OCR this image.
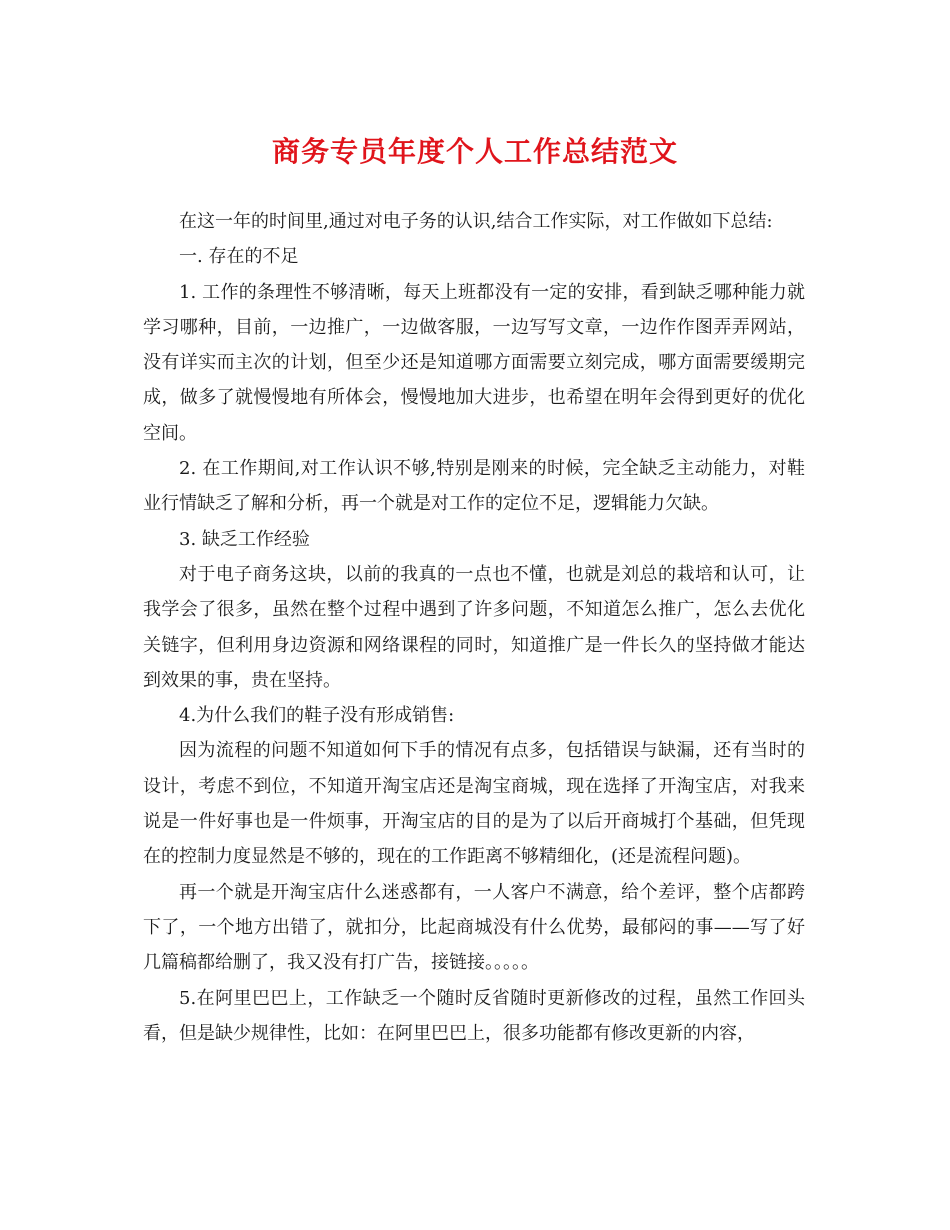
商务专员年度个人工作总结范文

在这一年的时间里,通过对电子务的认识,结合工作实际，对工作做如下总结:

一. 存在的不足

1. 工作的条理性不够清晰，每天上班都没有一定的安排，看到缺乏哪种能力就学习哪种，目前，一边推广，一边做客服，一边写写文章，一边作作图弄弄网站，没有详实而主次的计划，但至少还是知道哪方面需要立刻完成，哪方面需要缓期完成，做多了就慢慢地有所体会，慢慢地加大进步，也希望在明年会得到更好的优化空间。

2. 在工作期间,对工作认识不够,特别是刚来的时候，完全缺乏主动能力，对鞋业行情缺乏了解和分析，再一个就是对工作的定位不足，逻辑能力欠缺。

3. 缺乏工作经验

对于电子商务这块，以前的我真的一点也不懂，也就是刘总的栽培和认可，让我学会了很多，虽然在整个过程中遇到了许多问题，不知道怎么推广，怎么去优化关链字，但利用身边资源和网络课程的同时，知道推广是一件长久的坚持做才能达到效果的事，贵在坚持。

4.为什么我们的鞋子没有形成销售:

因为流程的问题不知道如何下手的情况有点多，包括错误与缺漏，还有当时的设计，考虑不到位，不知道开淘宝店还是淘宝商城，现在选择了开淘宝店，对我来说是一件好事也是一件烦事，开淘宝店的目的是为了以后开商城打个基础，但凭现在的控制力度显然是不够的，现在的工作距离不够精细化，(还是流程问题)。

再一个就是开淘宝店什么迷惑都有，一人客户不满意，给个差评，整个店都跨下了，一个地方出错了，就扣分，比起商城没有什么优势，最郁闷的事——写了好几篇稿都给删了，我又没有打广告，接链接。。。。。

5.在阿里巴巴上，工作缺乏一个随时反省随时更新修改的过程，虽然工作回头看，但是缺少规律性，比如：在阿里巴巴上，很多功能都有修改更新的内容，
